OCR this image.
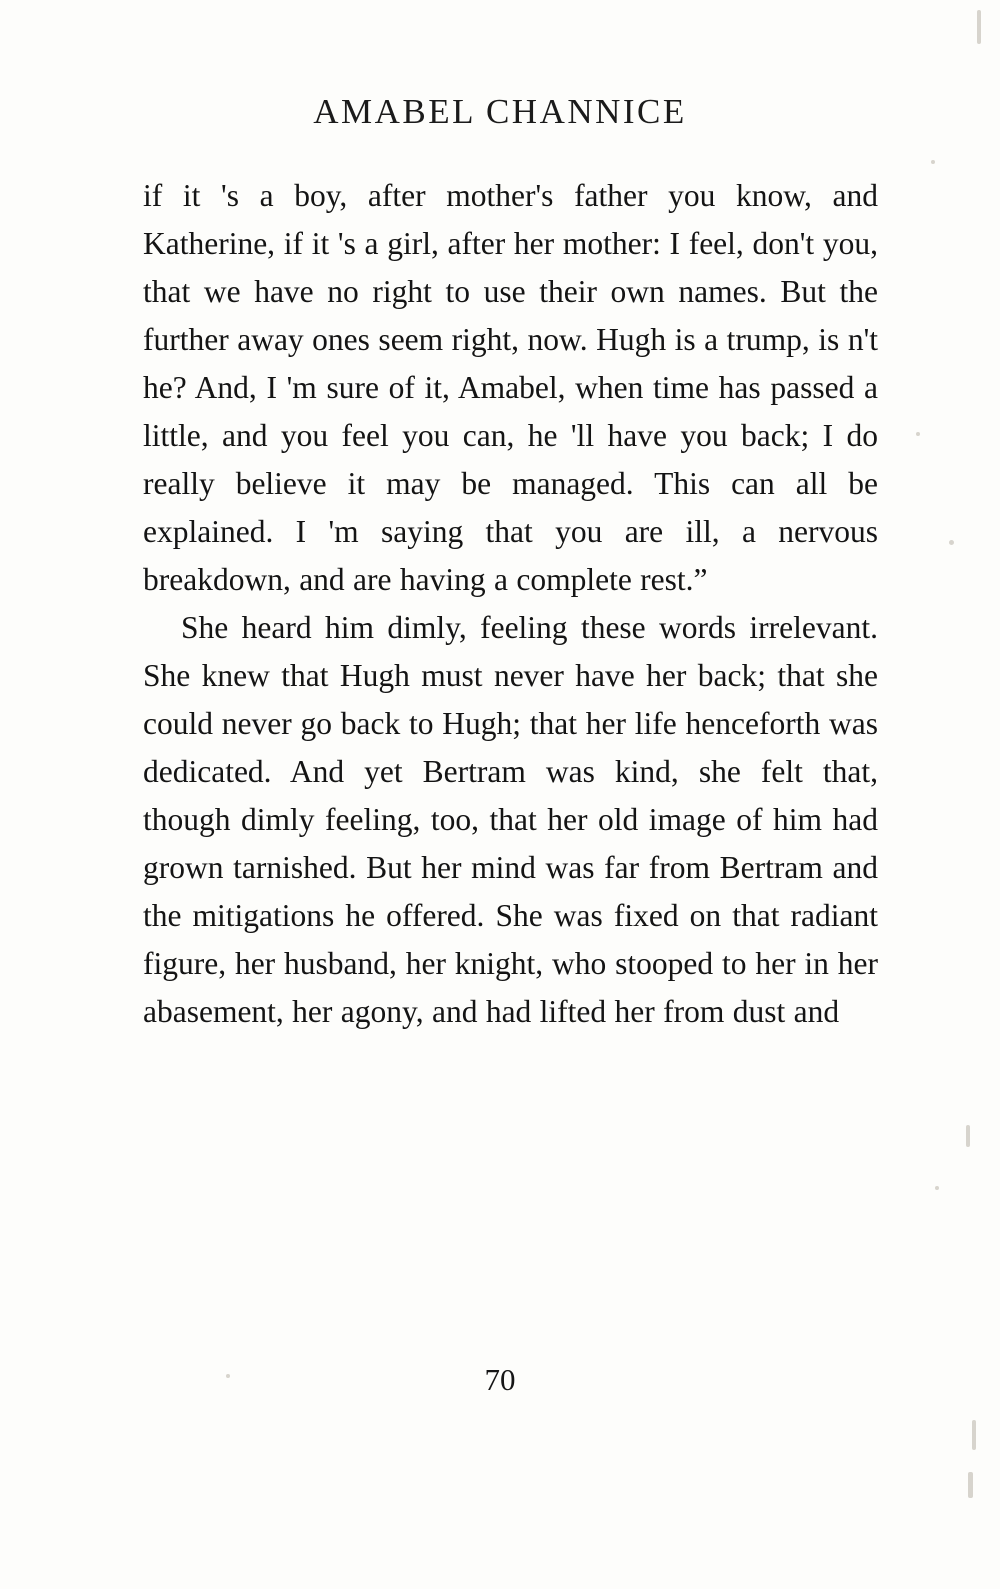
AMABEL CHANNICE

if it 's a boy, after mother's father you know, and Katherine, if it 's a girl, after her mother: I feel, don't you, that we have no right to use their own names. But the further away ones seem right, now. Hugh is a trump, is n't he? And, I 'm sure of it, Amabel, when time has passed a little, and you feel you can, he 'll have you back; I do really believe it may be managed. This can all be explained. I 'm saying that you are ill, a nervous breakdown, and are having a complete rest.”

She heard him dimly, feeling these words irrelevant. She knew that Hugh must never have her back; that she could never go back to Hugh; that her life henceforth was dedicated. And yet Bertram was kind, she felt that, though dimly feeling, too, that her old image of him had grown tarnished. But her mind was far from Bertram and the mitigations he offered. She was fixed on that radiant figure, her husband, her knight, who stooped to her in her abasement, her agony, and had lifted her from dust and

70
